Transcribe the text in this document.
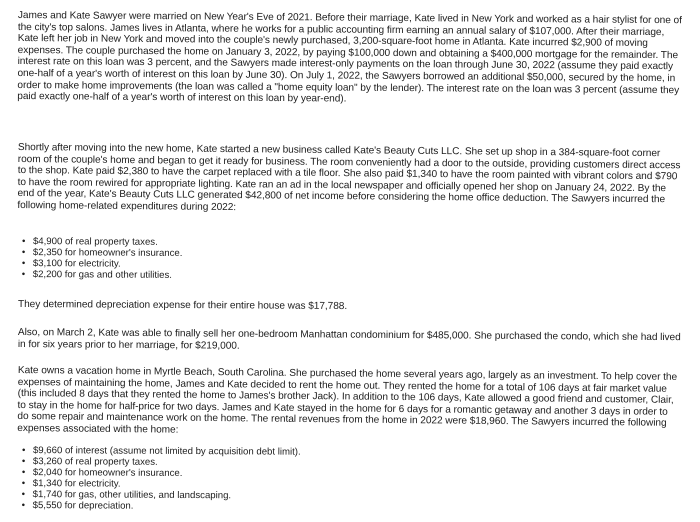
James and Kate Sawyer were married on New Year's Eve of 2021. Before their marriage, Kate lived in New York and worked as a hair stylist for one of the city's top salons. James lives in Atlanta, where he works for a public accounting firm earning an annual salary of $107,000. After their marriage, Kate left her job in New York and moved into the couple's newly purchased, 3,200-square-foot home in Atlanta. Kate incurred $2,900 of moving expenses. The couple purchased the home on January 3, 2022, by paying $100,000 down and obtaining a $400,000 mortgage for the remainder. The interest rate on this loan was 3 percent, and the Sawyers made interest-only payments on the loan through June 30, 2022 (assume they paid exactly one-half of a year's worth of interest on this loan by June 30). On July 1, 2022, the Sawyers borrowed an additional $50,000, secured by the home, in order to make home improvements (the loan was called a "home equity loan" by the lender). The interest rate on the loan was 3 percent (assume they paid exactly one-half of a year's worth of interest on this loan by year-end).

Shortly after moving into the new home, Kate started a new business called Kate's Beauty Cuts LLC. She set up shop in a 384-square-foot corner room of the couple's home and began to get it ready for business. The room conveniently had a door to the outside, providing customers direct access to the shop. Kate paid $2,380 to have the carpet replaced with a tile floor. She also paid $1,340 to have the room painted with vibrant colors and $790 to have the room rewired for appropriate lighting. Kate ran an ad in the local newspaper and officially opened her shop on January 24, 2022. By the end of the year, Kate's Beauty Cuts LLC generated $42,800 of net income before considering the home office deduction. The Sawyers incurred the following home-related expenditures during 2022:

• $4,900 of real property taxes.
• $2,350 for homeowner's insurance.
• $3,100 for electricity.
• $2,200 for gas and other utilities.

They determined depreciation expense for their entire house was $17,788.

Also, on March 2, Kate was able to finally sell her one-bedroom Manhattan condominium for $485,000. She purchased the condo, which she had lived in for six years prior to her marriage, for $219,000.

Kate owns a vacation home in Myrtle Beach, South Carolina. She purchased the home several years ago, largely as an investment. To help cover the expenses of maintaining the home, James and Kate decided to rent the home out. They rented the home for a total of 106 days at fair market value (this included 8 days that they rented the home to James's brother Jack). In addition to the 106 days, Kate allowed a good friend and customer, Clair, to stay in the home for half-price for two days. James and Kate stayed in the home for 6 days for a romantic getaway and another 3 days in order to do some repair and maintenance work on the home. The rental revenues from the home in 2022 were $18,960. The Sawyers incurred the following expenses associated with the home:

• $9,660 of interest (assume not limited by acquisition debt limit).
• $3,260 of real property taxes.
• $2,040 for homeowner's insurance.
• $1,340 for electricity.
• $1,740 for gas, other utilities, and landscaping.
• $5,550 for depreciation.
